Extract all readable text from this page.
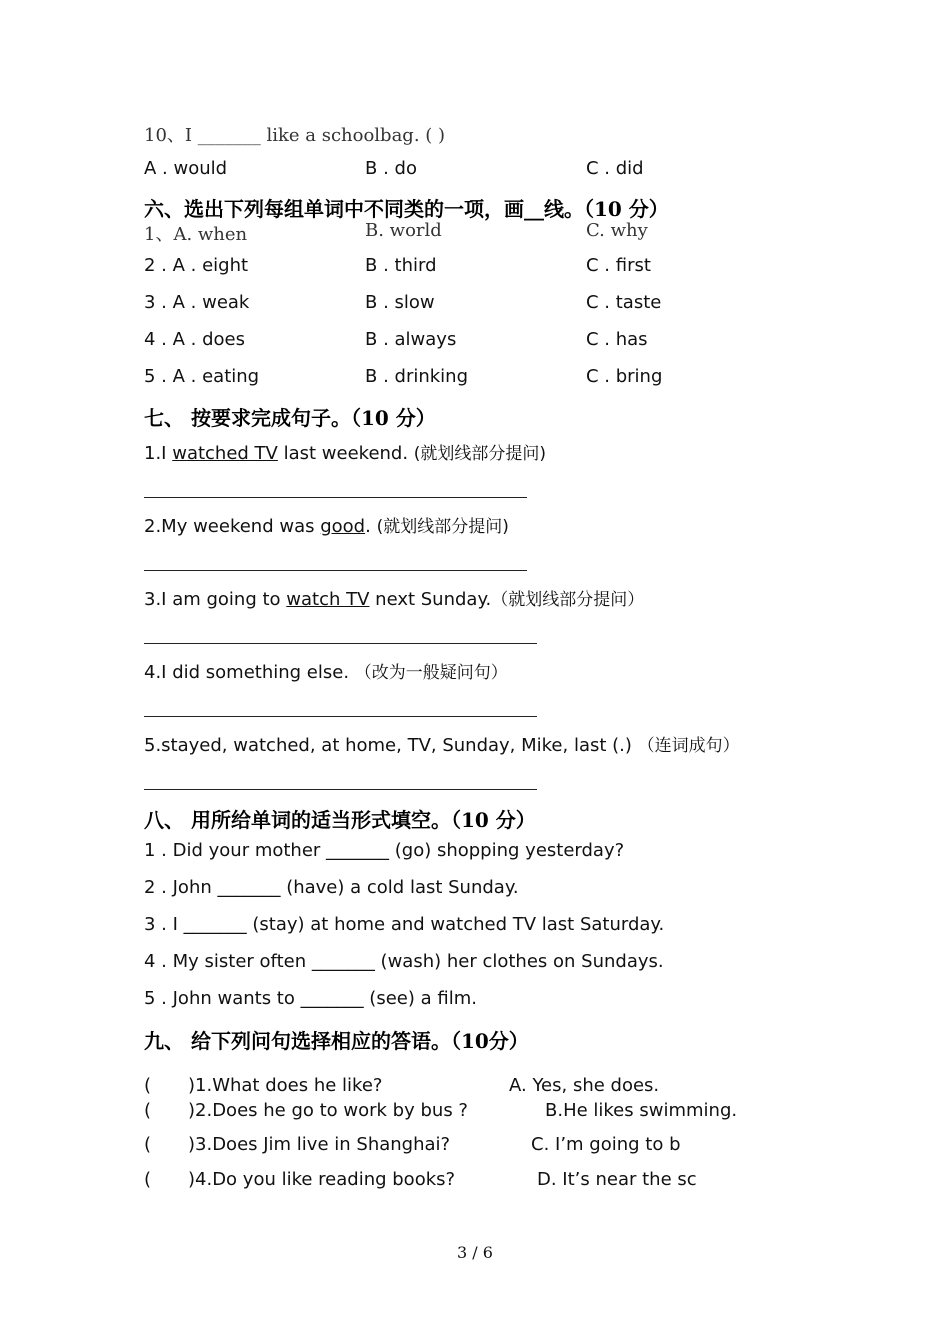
10、I _______ like a schoolbag. ( )
A . would	B . do	C . did
六、选出下列每组单词中不同类的一项，画__线。（10 分）
1、A. when	B. world	C. why
2 . A . eight	B . third	C . first
3 . A . weak	B . slow	C . taste
4 . A . does	B . always	C . has
5 . A . eating	B . drinking	C . bring
七、 按要求完成句子。（10 分）
1.I watched TV last weekend. (就划线部分提问)
2.My weekend was good. (就划线部分提问)
3.I am going to watch TV next Sunday.（就划线部分提问）
4.I did something else. （改为一般疑问句）
5.stayed, watched, at home, TV, Sunday, Mike, last (.) （连词成句）
八、 用所给单词的适当形式填空。（10 分）
1 . Did your mother _______ (go) shopping yesterday?
2 . John _______ (have) a cold last Sunday.
3 . I _______ (stay) at home and watched TV last Saturday.
4 . My sister often _______ (wash) her clothes on Sundays.
5 . John wants to _______ (see) a film.
九、 给下列问句选择相应的答语。（10分）
( )1.What does he like?	A. Yes, she does.
( )2.Does he go to work by bus ?	B.He likes swimming.
( )3.Does Jim live in Shanghai?	C. I’m going to b
( )4.Do you like reading books?	D. It’s near the sc
3 / 6
